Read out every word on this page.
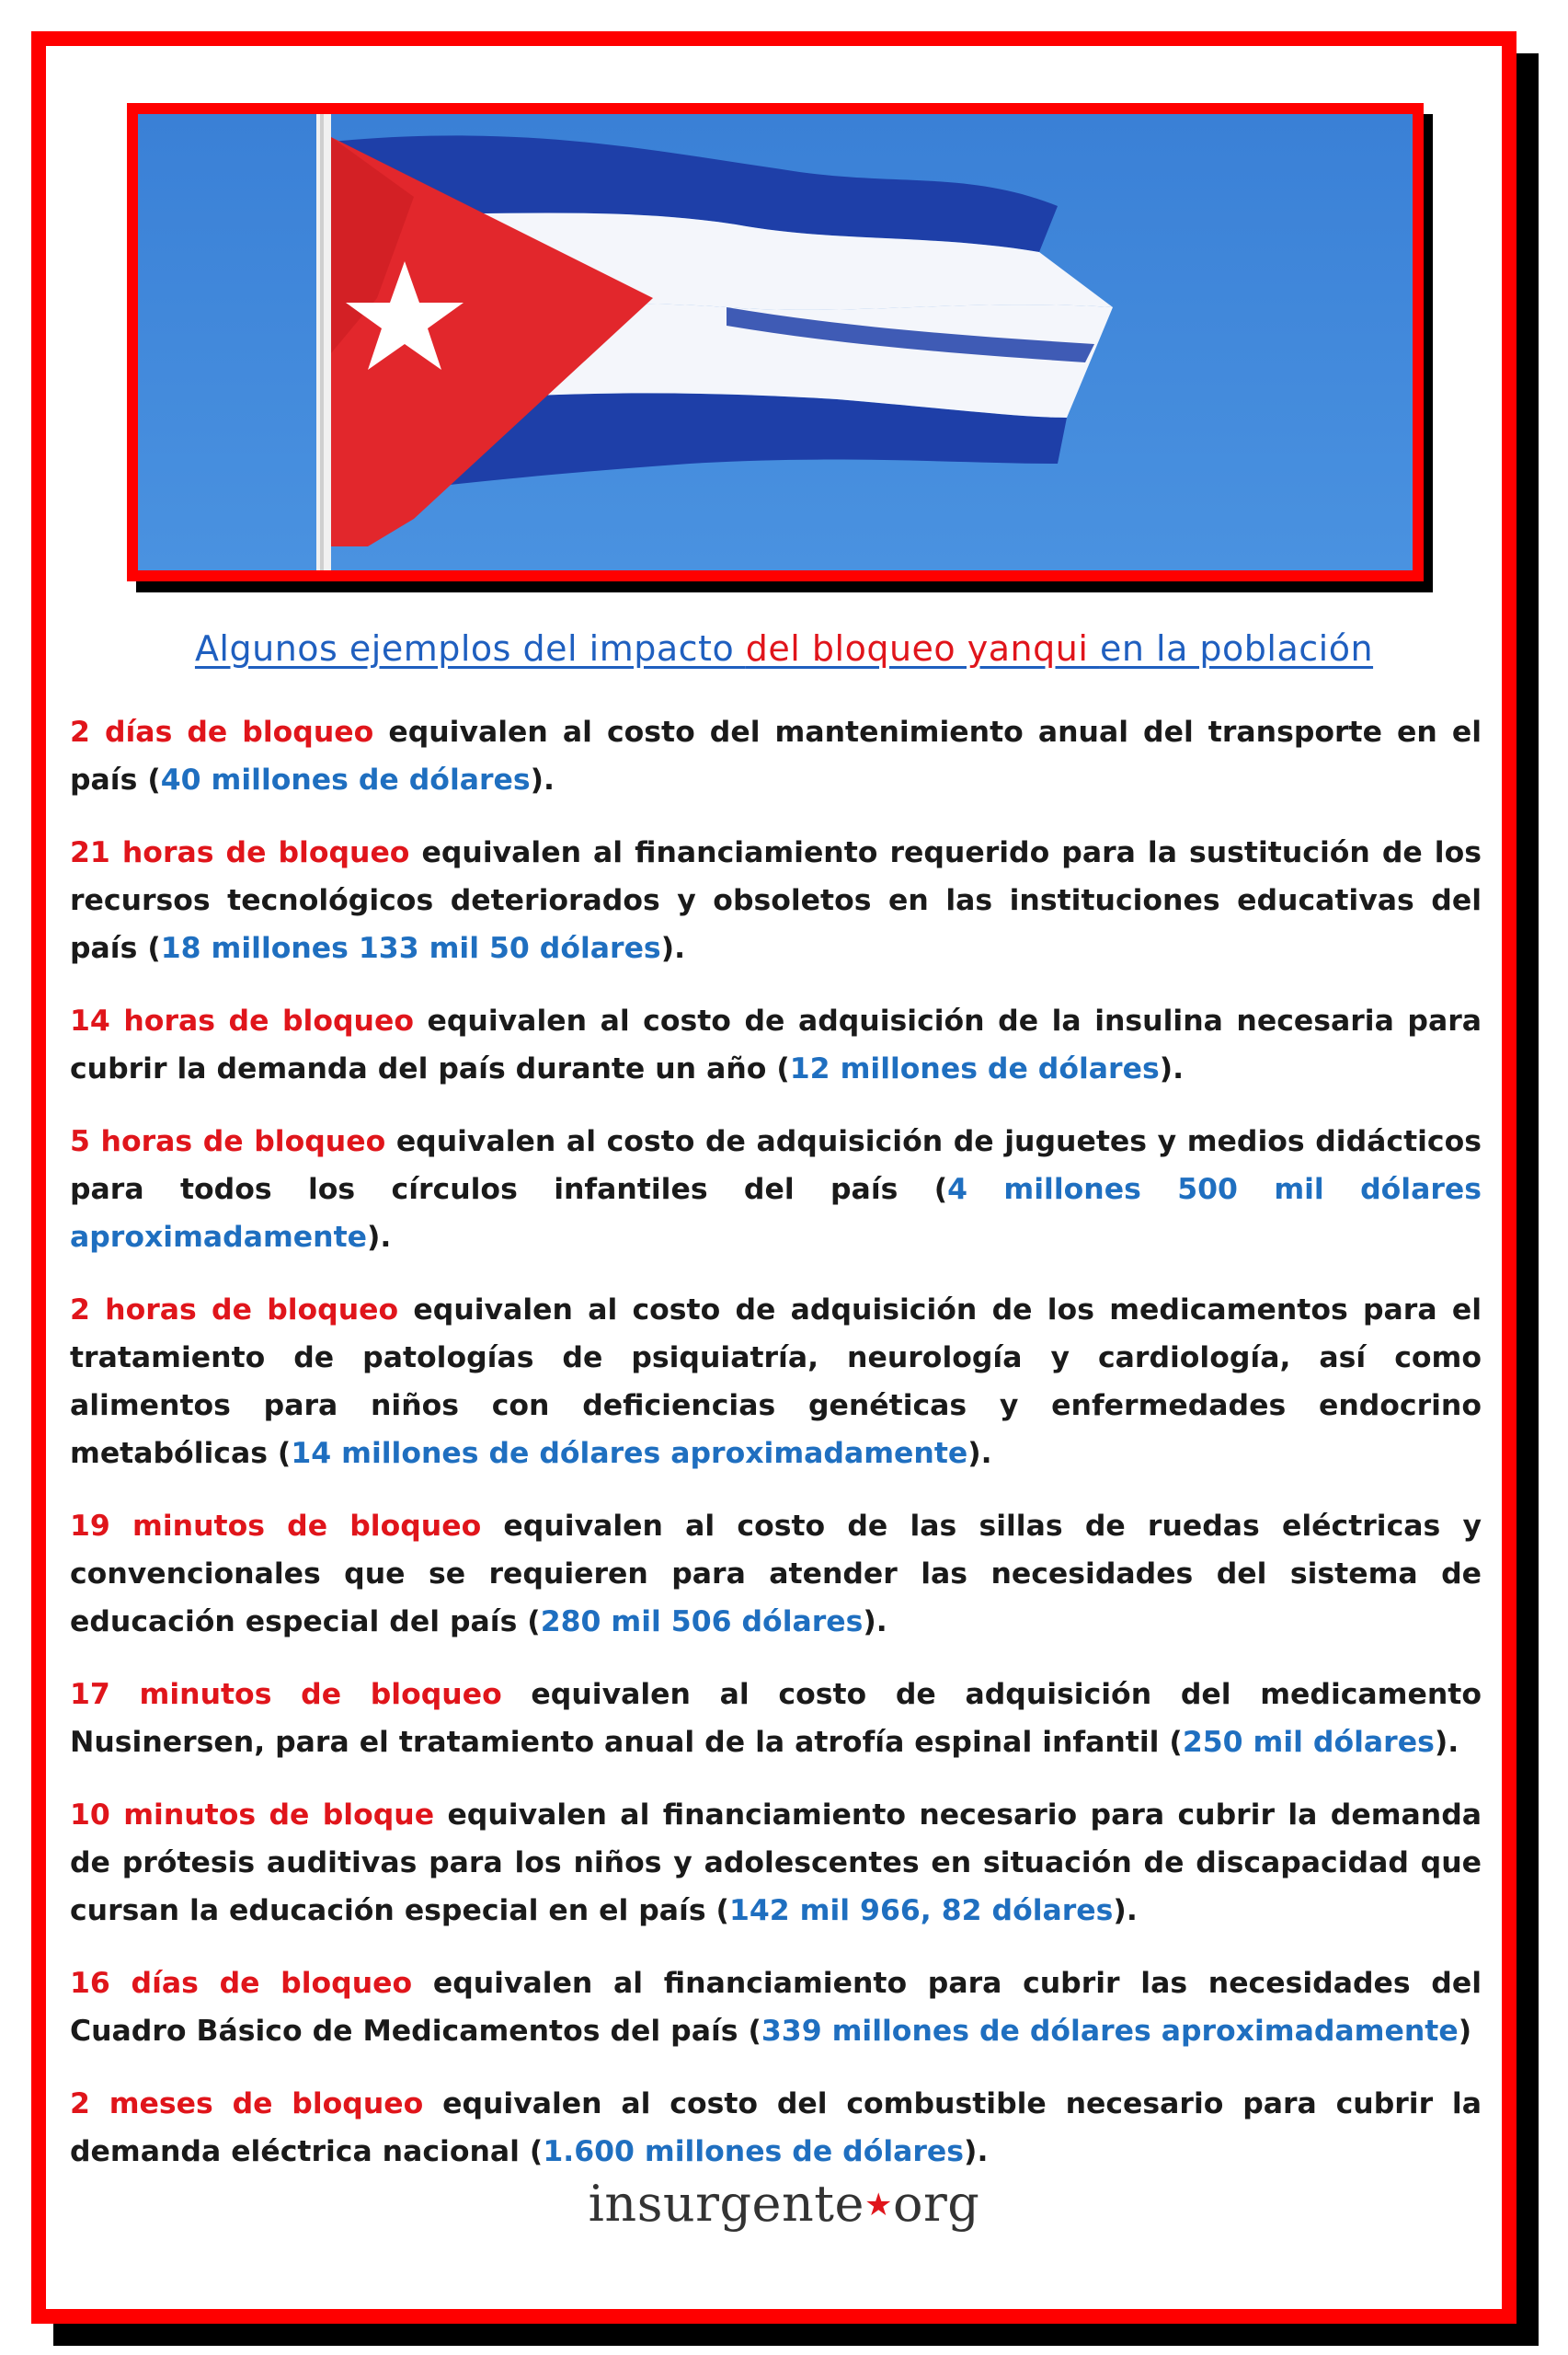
Algunos ejemplos del impacto del bloqueo yanqui en la población

2 días de bloqueo equivalen al costo del mantenimiento anual del transporte en el país (40 millones de dólares).

21 horas de bloqueo equivalen al financiamiento requerido para la sustitución de los recursos tecnológicos deteriorados y obsoletos en las instituciones educativas del país (18 millones 133 mil 50 dólares).

14 horas de bloqueo equivalen al costo de adquisición de la insulina necesaria para cubrir la demanda del país durante un año (12 millones de dólares).

5 horas de bloqueo equivalen al costo de adquisición de juguetes y medios didácticos para todos los círculos infantiles del país (4 millones 500 mil dólares aproximadamente).

2 horas de bloqueo equivalen al costo de adquisición de los medicamentos para el tratamiento de patologías de psiquiatría, neurología y cardiología, así como alimentos para niños con deficiencias genéticas y enfermedades endocrino metabólicas (14 millones de dólares aproximadamente).

19 minutos de bloqueo equivalen al costo de las sillas de ruedas eléctricas y convencionales que se requieren para atender las necesidades del sistema de educación especial del país (280 mil 506 dólares).

17 minutos de bloqueo equivalen al costo de adquisición del medicamento Nusinersen, para el tratamiento anual de la atrofía espinal infantil (250 mil dólares).

10 minutos de bloque equivalen al financiamiento necesario para cubrir la demanda de prótesis auditivas para los niños y adolescentes en situación de discapacidad que cursan la educación especial en el país (142 mil 966, 82 dólares).

16 días de bloqueo equivalen al financiamiento para cubrir las necesidades del Cuadro Básico de Medicamentos del país (339 millones de dólares aproximadamente)

2 meses de bloqueo equivalen al costo del combustible necesario para cubrir la demanda eléctrica nacional (1.600 millones de dólares).

insurgente★org
